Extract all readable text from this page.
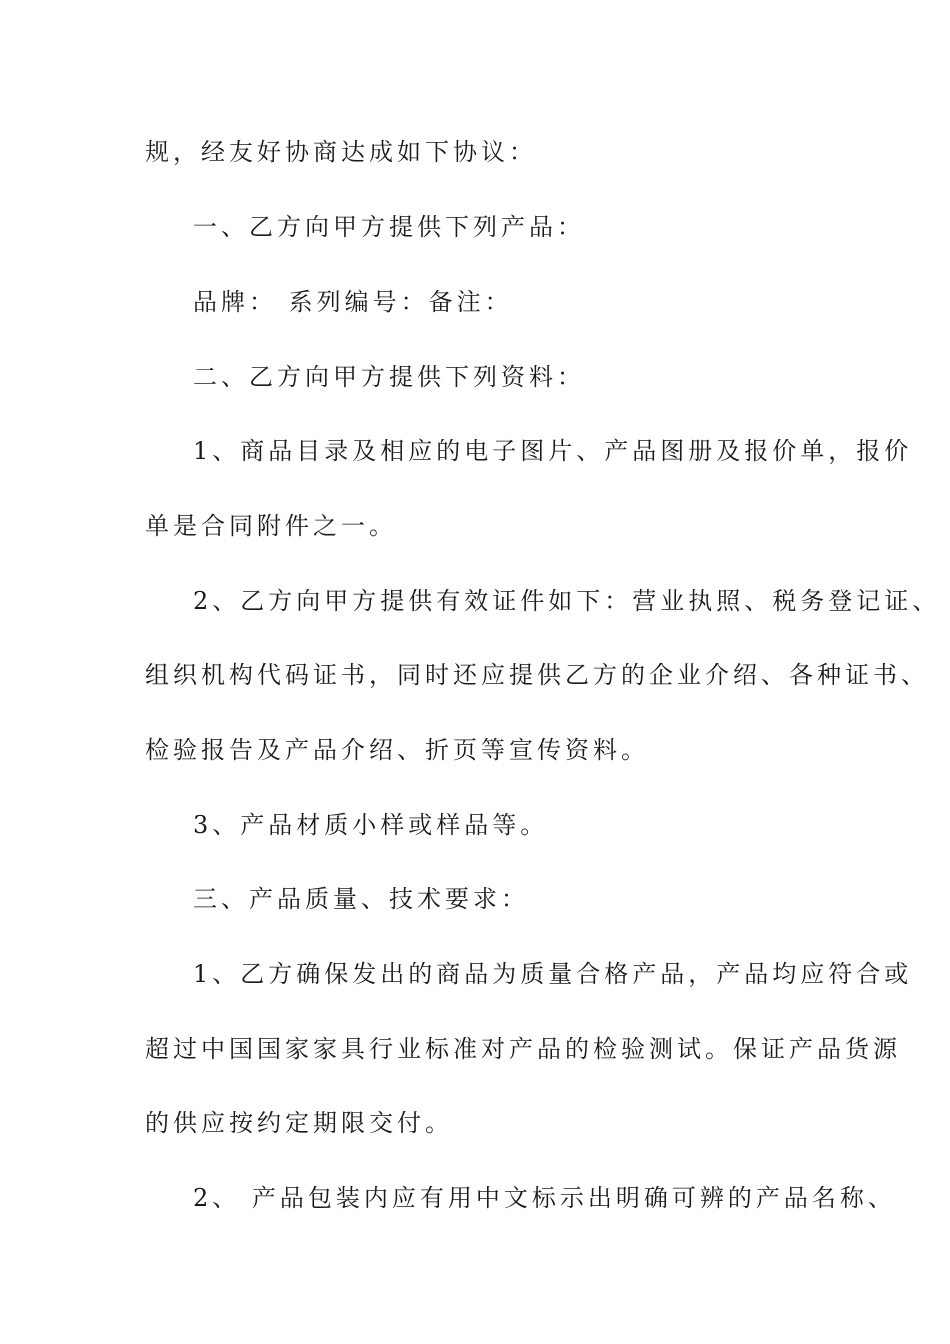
规，经友好协商达成如下协议：
一、乙方向甲方提供下列产品：
品牌： 系列编号：备注：
二、乙方向甲方提供下列资料：
1、商品目录及相应的电子图片、产品图册及报价单，报价
单是合同附件之一。
2、乙方向甲方提供有效证件如下：营业执照、税务登记证、
组织机构代码证书，同时还应提供乙方的企业介绍、各种证书、
检验报告及产品介绍、折页等宣传资料。
3、产品材质小样或样品等。
三、产品质量、技术要求：
1、乙方确保发出的商品为质量合格产品，产品均应符合或
超过中国国家家具行业标准对产品的检验测试。保证产品货源
的供应按约定期限交付。
2、 产品包装内应有用中文标示出明确可辨的产品名称、
